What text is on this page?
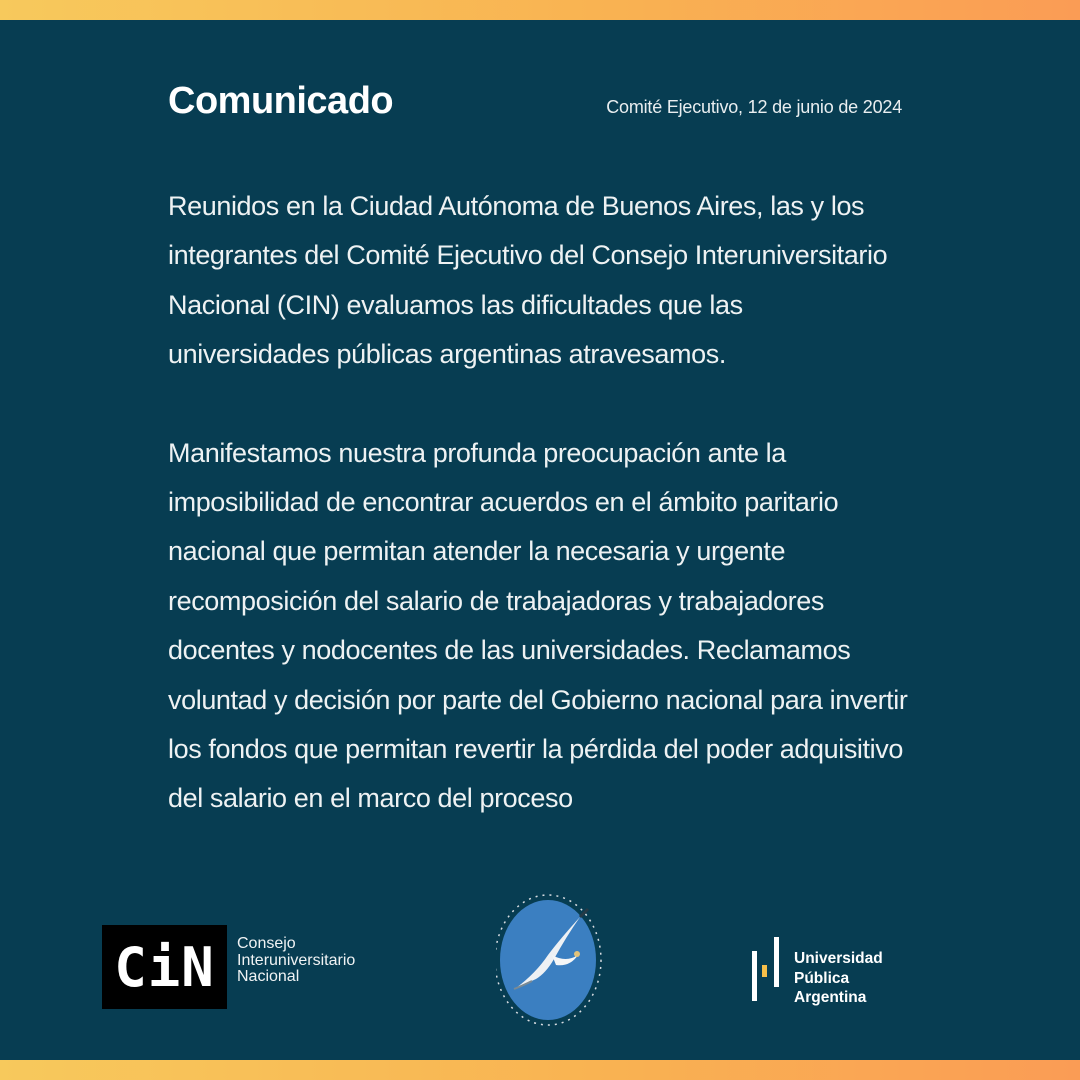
Comunicado	Comité Ejecutivo, 12 de junio de 2024

Reunidos en la Ciudad Autónoma de Buenos Aires, las y los integrantes del Comité Ejecutivo del Consejo Interuniversitario Nacional (CIN) evaluamos las dificultades que las universidades públicas argentinas atravesamos.

Manifestamos nuestra profunda preocupación ante la imposibilidad de encontrar acuerdos en el ámbito paritario nacional que permitan atender la necesaria y urgente recomposición del salario de trabajadoras y trabajadores docentes y nodocentes de las universidades. Reclamamos voluntad y decisión por parte del Gobierno nacional para invertir los fondos que permitan revertir la pérdida del poder adquisitivo del salario en el marco del proceso

CiN Consejo
Interuniversitario
Nacional
Universidad
Pública
Argentina
